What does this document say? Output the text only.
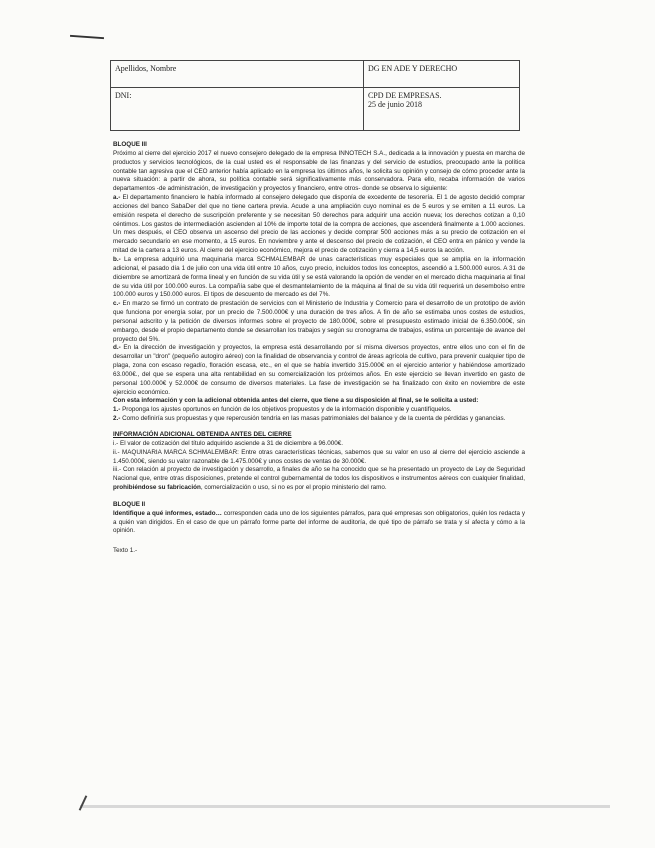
Apellidos, Nombre	DG EN ADE Y DERECHO
DNI:	CPD DE EMPRESAS.
25 de junio 2018

BLOQUE III

Próximo al cierre del ejercicio 2017 el nuevo consejero delegado de la empresa INNOTECH S.A., dedicada a la innovación y puesta en marcha de productos y servicios tecnológicos, de la cual usted es el responsable de las finanzas y del servicio de estudios, preocupado ante la política contable tan agresiva que el CEO anterior había aplicado en la empresa los últimos años, le solicita su opinión y consejo de cómo proceder ante la nueva situación: a partir de ahora, su política contable será significativamente más conservadora. Para ello, recaba información de varios departamentos -de administración, de investigación y proyectos y financiero, entre otros- donde se observa lo siguiente:

a.- El departamento financiero le había informado al consejero delegado que disponía de excedente de tesorería. El 1 de agosto decidió comprar acciones del banco SabaDer del que no tiene cartera previa. Acude a una ampliación cuyo nominal es de 5 euros y se emiten a 11 euros. La emisión respeta el derecho de suscripción preferente y se necesitan 50 derechos para adquirir una acción nueva; los derechos cotizan a 0,10 céntimos. Los gastos de intermediación ascienden al 10% de importe total de la compra de acciones, que ascenderá finalmente a 1.000 acciones. Un mes después, el CEO observa un ascenso del precio de las acciones y decide comprar 500 acciones más a su precio de cotización en el mercado secundario en ese momento, a 15 euros. En noviembre y ante el descenso del precio de cotización, el CEO entra en pánico y vende la mitad de la cartera a 13 euros. Al cierre del ejercicio económico, mejora el precio de cotización y cierra a 14,5 euros la acción.

b.- La empresa adquirió una maquinaria marca SCHMALEMBAR de unas características muy especiales que se amplía en la información adicional, el pasado día 1 de julio con una vida útil entre 10 años, cuyo precio, incluidos todos los conceptos, ascendió a 1.500.000 euros. A 31 de diciembre se amortizará de forma lineal y en función de su vida útil y se está valorando la opción de vender en el mercado dicha maquinaria al final de su vida útil por 100.000 euros. La compañía sabe que el desmantelamiento de la máquina al final de su vida útil requerirá un desembolso entre 100.000 euros y 150.000 euros. El tipos de descuento de mercado es del 7%.

c.- En marzo se firmó un contrato de prestación de servicios con el Ministerio de Industria y Comercio para el desarrollo de un prototipo de avión que funciona por energía solar, por un precio de 7.500.000€ y una duración de tres años. A fin de año se estimaba unos costes de estudios, personal adscrito y la petición de diversos informes sobre el proyecto de 180.000€, sobre el presupuesto estimado inicial de 6.350.000€, sin embargo, desde el propio departamento donde se desarrollan los trabajos y según su cronograma de trabajos, estima un porcentaje de avance del proyecto del 5%.

d.- En la dirección de investigación y proyectos, la empresa está desarrollando por sí misma diversos proyectos, entre ellos uno con el fin de desarrollar un "dron" (pequeño autogiro aéreo) con la finalidad de observancia y control de áreas agrícola de cultivo, para prevenir cualquier tipo de plaga, zona con escaso regadío, floración escasa, etc., en el que se había invertido 315.000€ en el ejercicio anterior y habiéndose amortizado 63.000€., del que se espera una alta rentabilidad en su comercialización los próximos años. En este ejercicio se llevan invertido en gasto de personal 100.000€ y 52.000€ de consumo de diversos materiales. La fase de investigación se ha finalizado con éxito en noviembre de este ejercicio económico.

Con esta información y con la adicional obtenida antes del cierre, que tiene a su disposición al final, se le solicita a usted:

1.- Proponga los ajustes oportunos en función de los objetivos propuestos y de la información disponible y cuantifíquelos.

2.- Como definiría sus propuestas y que repercusión tendría en las masas patrimoniales del balance y de la cuenta de pérdidas y ganancias.

INFORMACIÓN ADICIONAL OBTENIDA ANTES DEL CIERRE

i.- El valor de cotización del título adquirido asciende a 31 de diciembre a 96.000€.

ii.- MAQUINARIA MARCA SCHMALEMBAR: Entre otras características técnicas, sabemos que su valor en uso al cierre del ejercicio asciende a 1.450.000€, siendo su valor razonable de 1.475.000€ y unos costes de ventas de 30.000€.

iii.- Con relación al proyecto de investigación y desarrollo, a finales de año se ha conocido que se ha presentado un proyecto de Ley de Seguridad Nacional que, entre otras disposiciones, pretende el control gubernamental de todos los dispositivos e instrumentos aéreos con cualquier finalidad, prohibiéndose su fabricación, comercialización o uso, si no es por el propio ministerio del ramo.

BLOQUE II

Identifique a qué informes, estado… corresponden cada uno de los siguientes párrafos, para qué empresas son obligatorios, quién los redacta y a quién van dirigidos. En el caso de que un párrafo forme parte del informe de auditoría, de qué tipo de párrafo se trata y sí afecta y cómo a la opinión.

Texto 1.-
